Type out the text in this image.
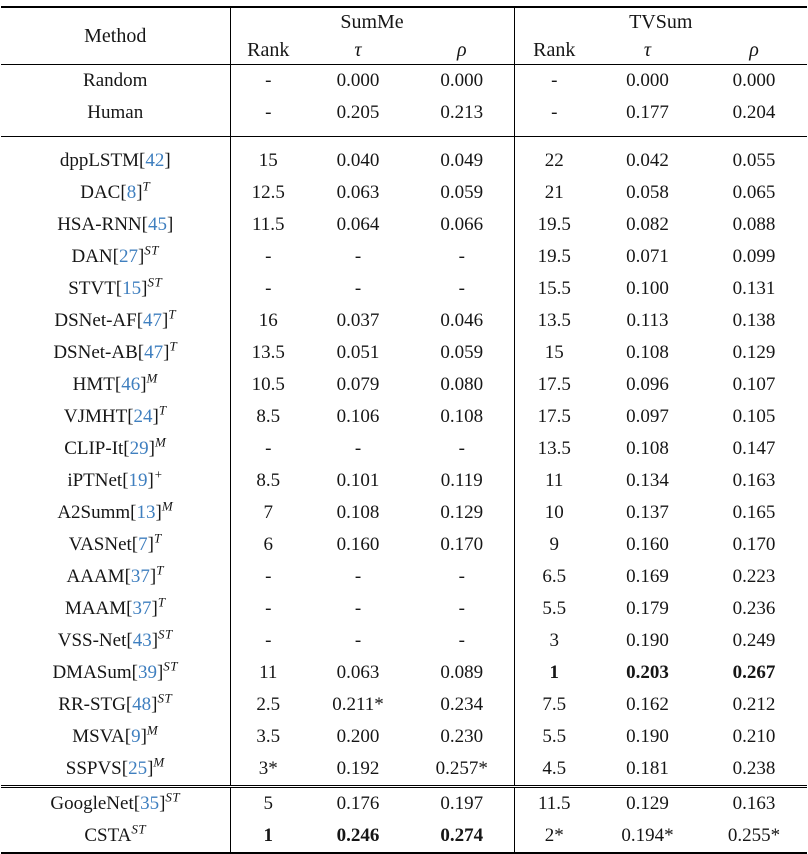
Method	SumMe			TVSum		
	Rank	τ	ρ	Rank	τ	ρ
Random	-	0.000	0.000	-	0.000	0.000
Human	-	0.205	0.213	-	0.177	0.204
dppLSTM[42]	15	0.040	0.049	22	0.042	0.055
$DAC[8]^T$	12.5	0.063	0.059	21	0.058	0.065
HSA-RNN[45]	11.5	0.064	0.066	19.5	0.082	0.088
$DAN[27]^{ST}$	-	-	-	19.5	0.071	0.099
$STVT[15]^{ST}$	-	-	-	15.5	0.100	0.131
DSNet-$AF[47]^T$	16	0.037	0.046	13.5	0.113	0.138
DSNet-$AB[47]^T$	13.5	0.051	0.059	15	0.108	0.129
$HMT[46]^M$	10.5	0.079	0.080	17.5	0.096	0.107
$VJMHT[24]^T$	8.5	0.106	0.108	17.5	0.097	0.105
CLIP-$It[29]^M$	-	-	-	13.5	0.108	0.147
iPTNet[19]+	8.5	0.101	0.119	11	0.134	0.163
$A2Summ[13]^M$	7	0.108	0.129	10	0.137	0.165
$VASNet[7]^T$	6	0.160	0.170	9	0.160	0.170
$AAAM[37]^T$	-	-	-	6.5	0.169	0.223
$MAAM[37]^T$	-	-	-	5.5	0.179	0.236
VSS-$Net[43]^{ST}$	-	-	-	3	0.190	0.249
$DMASum[39]^{ST}$	11	0.063	0.089	1	0.203	0.267
$RR-STG[48]^{ST}$	2.5	0.211*	0.234	7.5	0.162	0.212
$MSVA[9]^M$	3.5	0.200	0.230	5.5	0.190	0.210
$SSPVS[25]^M$	3*	0.192	0.257*	4.5	0.181	0.238
$GoogleNet[35]^{ST}$	5	0.176	0.197	11.5	0.129	0.163
$CSTA^{ST}$	1	0.246	0.274	2*	0.194*	0.255*
